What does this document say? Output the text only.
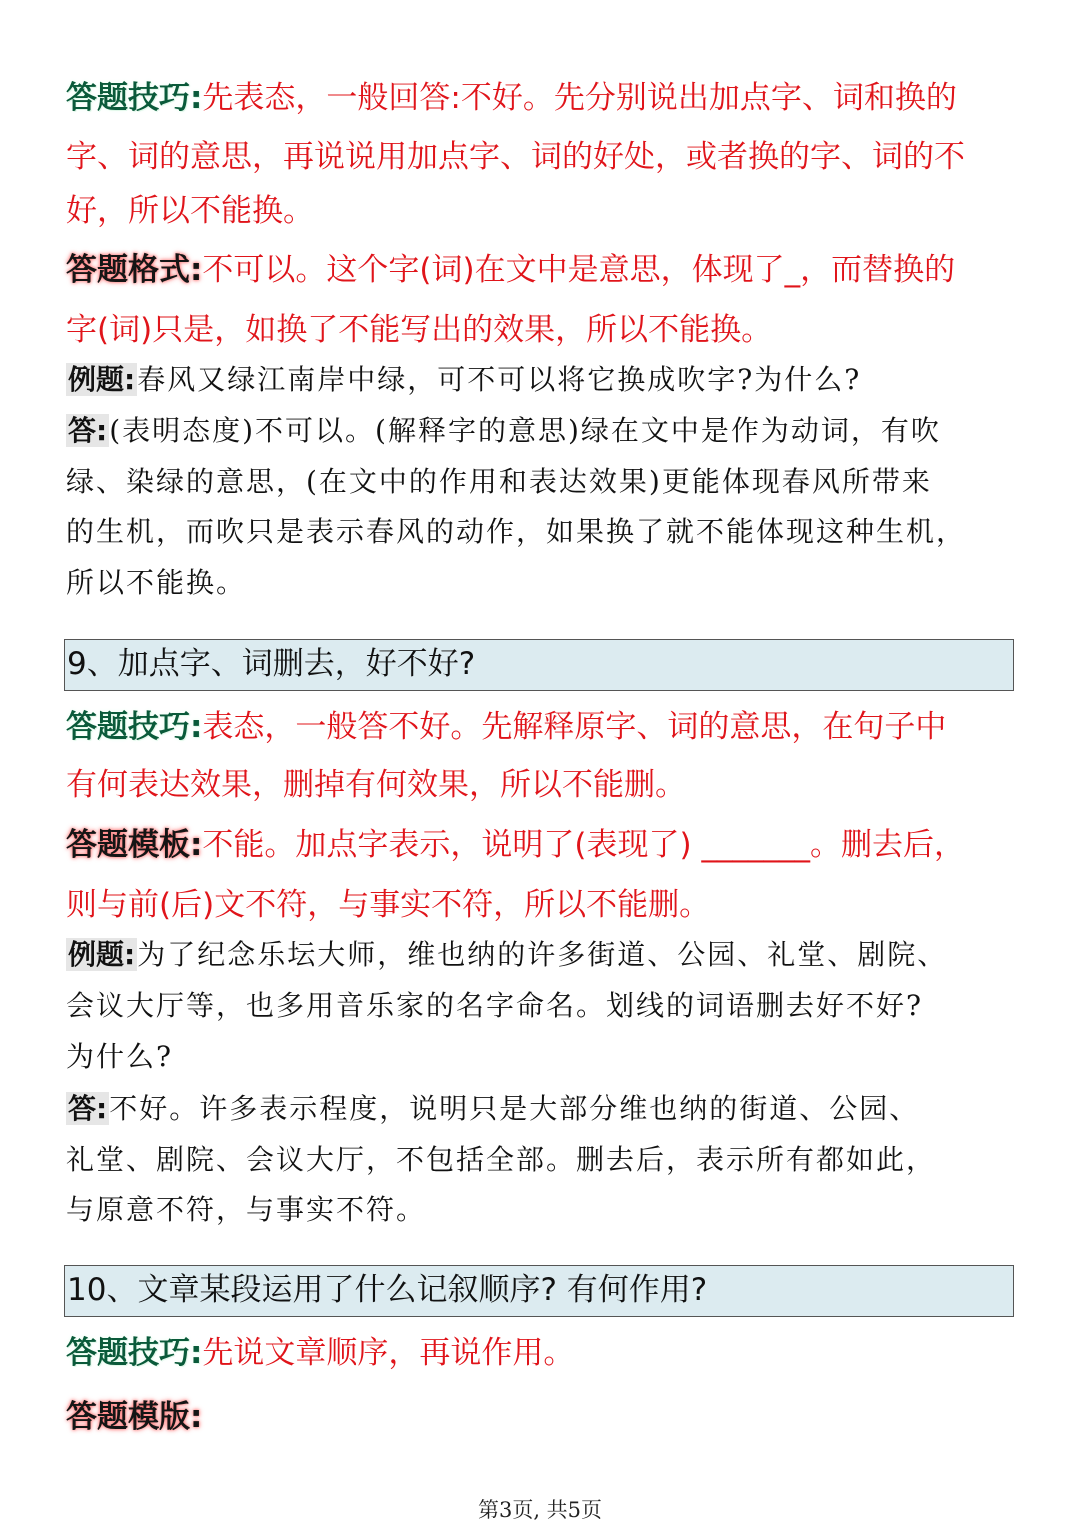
答题技巧:先表态，一般回答:不好。先分别说出加点字、词和换的
字、词的意思，再说说用加点字、词的好处，或者换的字、词的不
好，所以不能换。
答题格式:不可以。这个字(词)在文中是意思，体现了_，而替换的
字(词)只是，如换了不能写出的效果，所以不能换。
例题:春风又绿江南岸中绿，可不可以将它换成吹字?为什么?
答:(表明态度)不可以。(解释字的意思)绿在文中是作为动词，有吹
绿、染绿的意思，(在文中的作用和表达效果)更能体现春风所带来
的生机，而吹只是表示春风的动作，如果换了就不能体现这种生机，
所以不能换。
9、加点字、词删去，好不好?
答题技巧:表态，一般答不好。先解释原字、词的意思，在句子中
有何表达效果，删掉有何效果，所以不能删。
答题模板:不能。加点字表示，说明了(表现了) _______。删去后，
则与前(后)文不符，与事实不符，所以不能删。
例题:为了纪念乐坛大师，维也纳的许多街道、公园、礼堂、剧院、
会议大厅等，也多用音乐家的名字命名。划线的词语删去好不好?
为什么?
答:不好。许多表示程度，说明只是大部分维也纳的街道、公园、
礼堂、剧院、会议大厅，不包括全部。删去后，表示所有都如此，
与原意不符，与事实不符。
10、文章某段运用了什么记叙顺序? 有何作用?
答题技巧:先说文章顺序，再说作用。
答题模版:
第3页, 共5页
